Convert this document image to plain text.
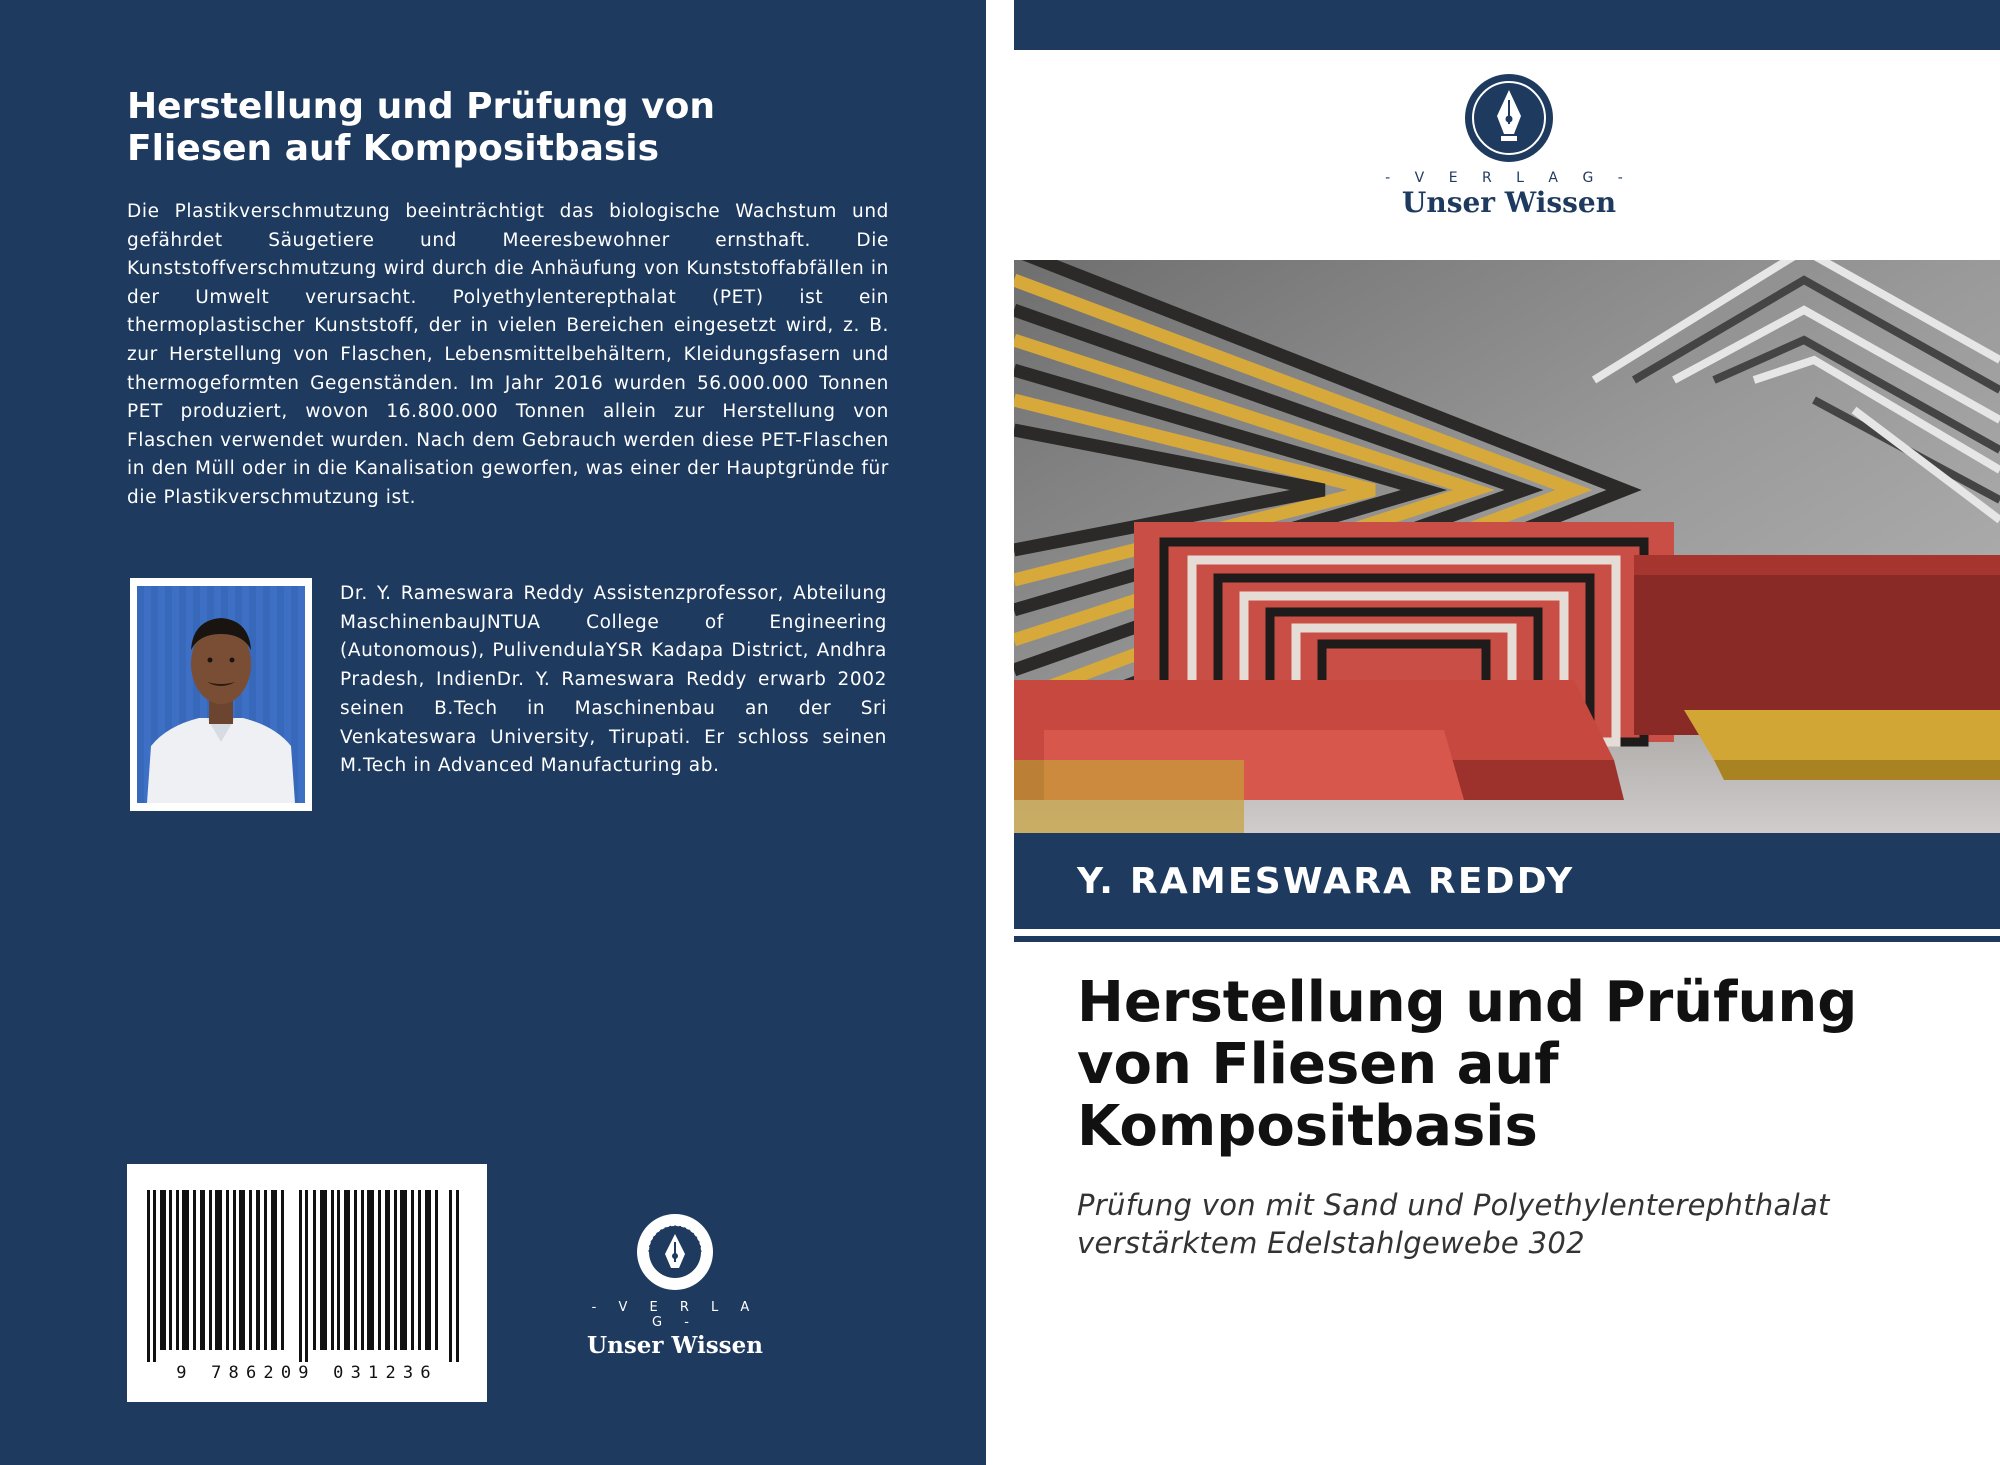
Herstellung und Prüfung von Fliesen auf Kompositbasis

Die Plastikverschmutzung beeinträchtigt das biologische Wachstum und gefährdet Säugetiere und Meeresbewohner ernsthaft. Die Kunststoffverschmutzung wird durch die Anhäufung von Kunststoffabfällen in der Umwelt verursacht. Polyethylenterepthalat (PET) ist ein thermoplastischer Kunststoff, der in vielen Bereichen eingesetzt wird, z. B. zur Herstellung von Flaschen, Lebensmittelbehältern, Kleidungsfasern und thermogeformten Gegenständen. Im Jahr 2016 wurden 56.000.000 Tonnen PET produziert, wovon 16.800.000 Tonnen allein zur Herstellung von Flaschen verwendet wurden. Nach dem Gebrauch werden diese PET-Flaschen in den Müll oder in die Kanalisation geworfen, was einer der Hauptgründe für die Plastikverschmutzung ist.

Dr. Y. Rameswara Reddy Assistenzprofessor, Abteilung MaschinenbauJNTUA College of Engineering (Autonomous), PulivendulaYSR Kadapa District, Andhra Pradesh, IndienDr. Y. Rameswara Reddy erwarb 2002 seinen B.Tech in Maschinenbau an der Sri Venkateswara University, Tirupati. Er schloss seinen M.Tech in Advanced Manufacturing ab.

9 786209 031236
- V E R L A G -
Unser Wissen
- V E R L A G -
Unser Wissen
Y. RAMESWARA REDDY
Herstellung und Prüfung von Fliesen auf Kompositbasis

Prüfung von mit Sand und Polyethylenterephthalat verstärktem Edelstahlgewebe 302
